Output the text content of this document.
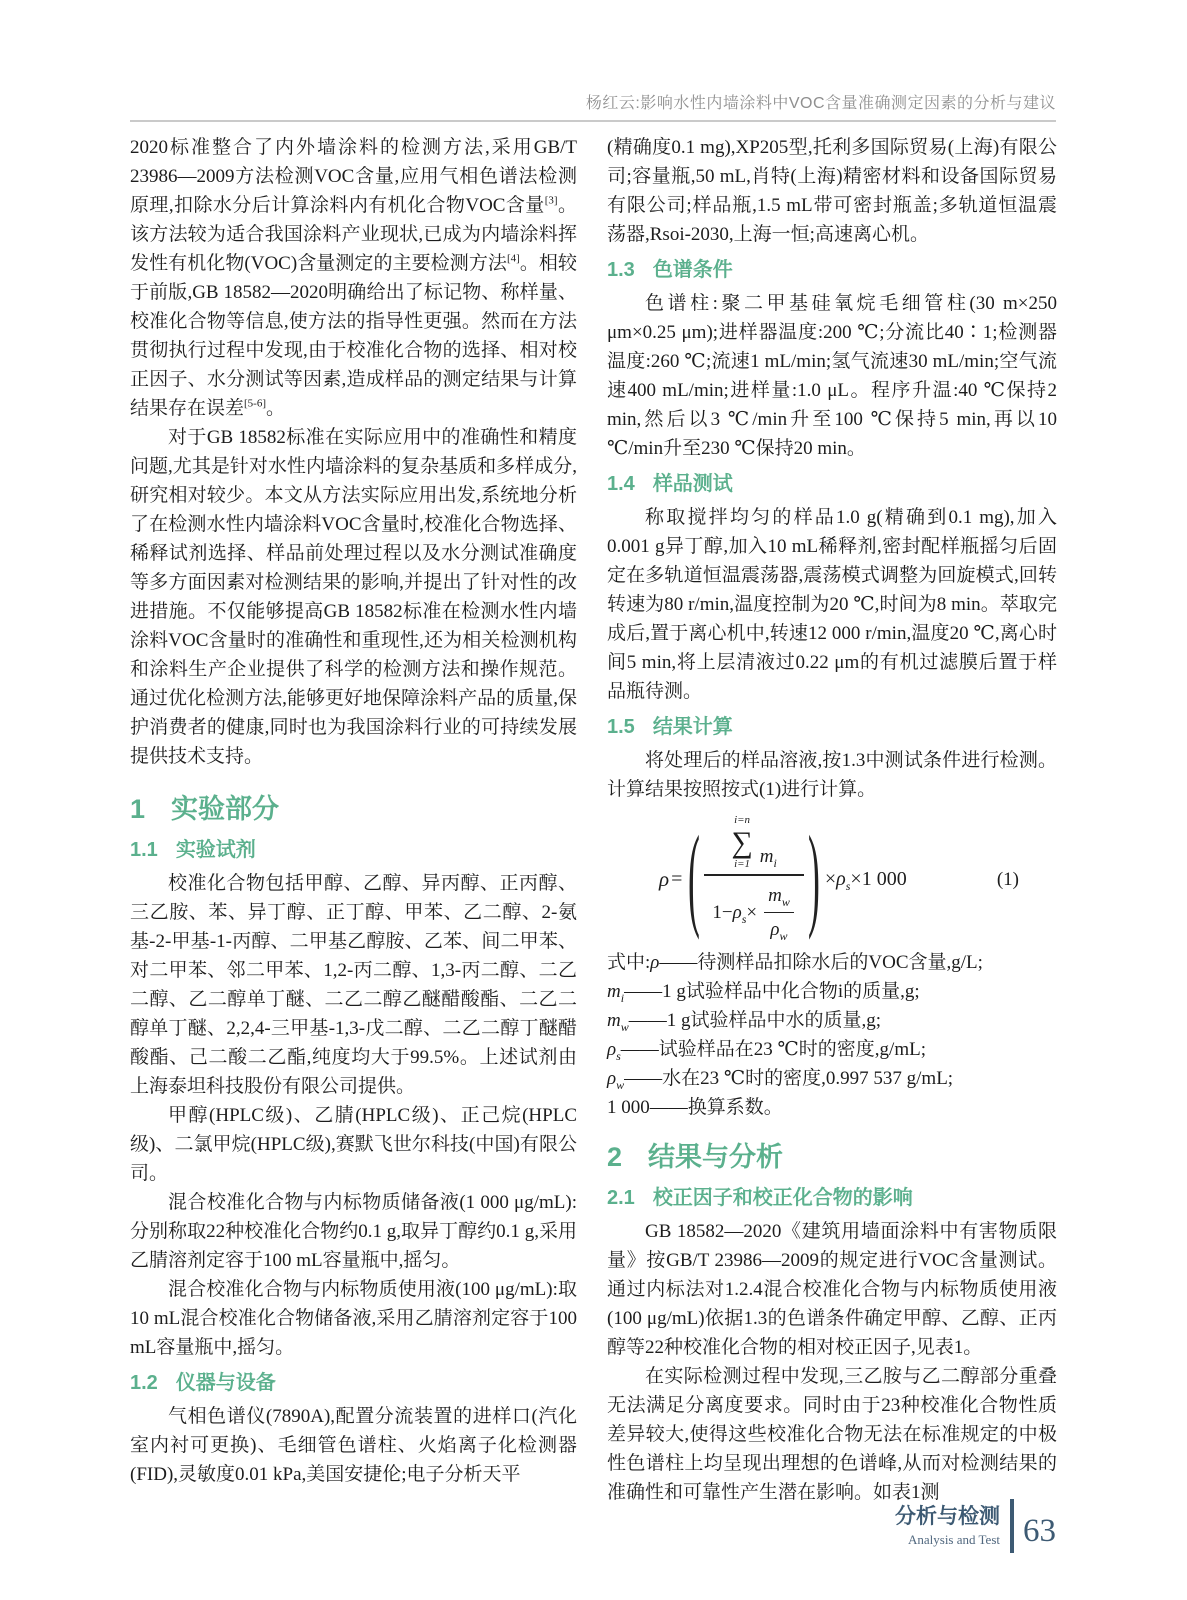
杨红云:影响水性内墙涂料中VOC含量准确测定因素的分析与建议

2020标准整合了内外墙涂料的检测方法,采用GB/T 23986—2009方法检测VOC含量,应用气相色谱法检测原理,扣除水分后计算涂料内有机化合物VOC含量[3]。该方法较为适合我国涂料产业现状,已成为内墙涂料挥发性有机化物(VOC)含量测定的主要检测方法[4]。相较于前版,GB 18582—2020明确给出了标记物、称样量、校准化合物等信息,使方法的指导性更强。然而在方法贯彻执行过程中发现,由于校准化合物的选择、相对校正因子、水分测试等因素,造成样品的测定结果与计算结果存在误差[5-6]。

对于GB 18582标准在实际应用中的准确性和精度问题,尤其是针对水性内墙涂料的复杂基质和多样成分,研究相对较少。本文从方法实际应用出发,系统地分析了在检测水性内墙涂料VOC含量时,校准化合物选择、稀释试剂选择、样品前处理过程以及水分测试准确度等多方面因素对检测结果的影响,并提出了针对性的改进措施。不仅能够提高GB 18582标准在检测水性内墙涂料VOC含量时的准确性和重现性,还为相关检测机构和涂料生产企业提供了科学的检测方法和操作规范。通过优化检测方法,能够更好地保障涂料产品的质量,保护消费者的健康,同时也为我国涂料行业的可持续发展提供技术支持。

1 实验部分
1.1 实验试剂

校准化合物包括甲醇、乙醇、异丙醇、正丙醇、三乙胺、苯、异丁醇、正丁醇、甲苯、乙二醇、2-氨基-2-甲基-1-丙醇、二甲基乙醇胺、乙苯、间二甲苯、对二甲苯、邻二甲苯、1,2-丙二醇、1,3-丙二醇、二乙二醇、乙二醇单丁醚、二乙二醇乙醚醋酸酯、二乙二醇单丁醚、2,2,4-三甲基-1,3-戊二醇、二乙二醇丁醚醋酸酯、己二酸二乙酯,纯度均大于99.5%。上述试剂由上海泰坦科技股份有限公司提供。

甲醇(HPLC级)、乙腈(HPLC级)、正己烷(HPLC级)、二氯甲烷(HPLC级),赛默飞世尔科技(中国)有限公司。

混合校准化合物与内标物质储备液(1 000 μg/mL):分别称取22种校准化合物约0.1 g,取异丁醇约0.1 g,采用乙腈溶剂定容于100 mL容量瓶中,摇匀。

混合校准化合物与内标物质使用液(100 μg/mL):取10 mL混合校准化合物储备液,采用乙腈溶剂定容于100 mL容量瓶中,摇匀。

1.2 仪器与设备

气相色谱仪(7890A),配置分流装置的进样口(汽化室内衬可更换)、毛细管色谱柱、火焰离子化检测器(FID),灵敏度0.01 kPa,美国安捷伦;电子分析天平

(精确度0.1 mg),XP205型,托利多国际贸易(上海)有限公司;容量瓶,50 mL,肖特(上海)精密材料和设备国际贸易有限公司;样品瓶,1.5 mL带可密封瓶盖;多轨道恒温震荡器,Rsoi-2030,上海一恒;高速离心机。

1.3 色谱条件

色谱柱:聚二甲基硅氧烷毛细管柱(30 m×250 μm×0.25 μm);进样器温度:200 ℃;分流比40∶1;检测器温度:260 ℃;流速1 mL/min;氢气流速30 mL/min;空气流速400 mL/min;进样量:1.0 μL。程序升温:40 ℃保持2 min,然后以3 ℃/min升至100 ℃保持5 min,再以10 ℃/min升至230 ℃保持20 min。

1.4 样品测试

称取搅拌均匀的样品1.0 g(精确到0.1 mg),加入0.001 g异丁醇,加入10 mL稀释剂,密封配样瓶摇匀后固定在多轨道恒温震荡器,震荡模式调整为回旋模式,回转转速为80 r/min,温度控制为20 ℃,时间为8 min。萃取完成后,置于离心机中,转速12 000 r/min,温度20 ℃,离心时间5 min,将上层清液过0.22 μm的有机过滤膜后置于样品瓶待测。

1.5 结果计算

将处理后的样品溶液,按1.3中测试条件进行检测。计算结果按照按式(1)进行计算。

ρ = ( i=n
∑
i=1 $m_i$
$1- \rho_s \times \frac{m_w}{\rho_w}$ ) $\times\rho_s\times 1$ 000	(1)
式中:ρ——待测样品扣除水后的VOC含量,g/L;
$m_i——1$ g试验样品中化合物i的质量,g;
$m_w——1$ g试验样品中水的质量,g;
$\rho_s——$试验样品在23 ℃时的密度,g/mL;
$\rho_w——$水在23 ℃时的密度,0.997 537 g/mL;
1 000——换算系数。
2 结果与分析
2.1 校正因子和校正化合物的影响

GB 18582—2020《建筑用墙面涂料中有害物质限量》按GB/T 23986—2009的规定进行VOC含量测试。通过内标法对1.2.4混合校准化合物与内标物质使用液(100 μg/mL)依据1.3的色谱条件确定甲醇、乙醇、正丙醇等22种校准化合物的相对校正因子,见表1。

在实际检测过程中发现,三乙胺与乙二醇部分重叠无法满足分离度要求。同时由于23种校准化合物性质差异较大,使得这些校准化合物无法在标准规定的中极性色谱柱上均呈现出理想的色谱峰,从而对检测结果的准确性和可靠性产生潜在影响。如表1测

分析与检测
Analysis and Test 63
